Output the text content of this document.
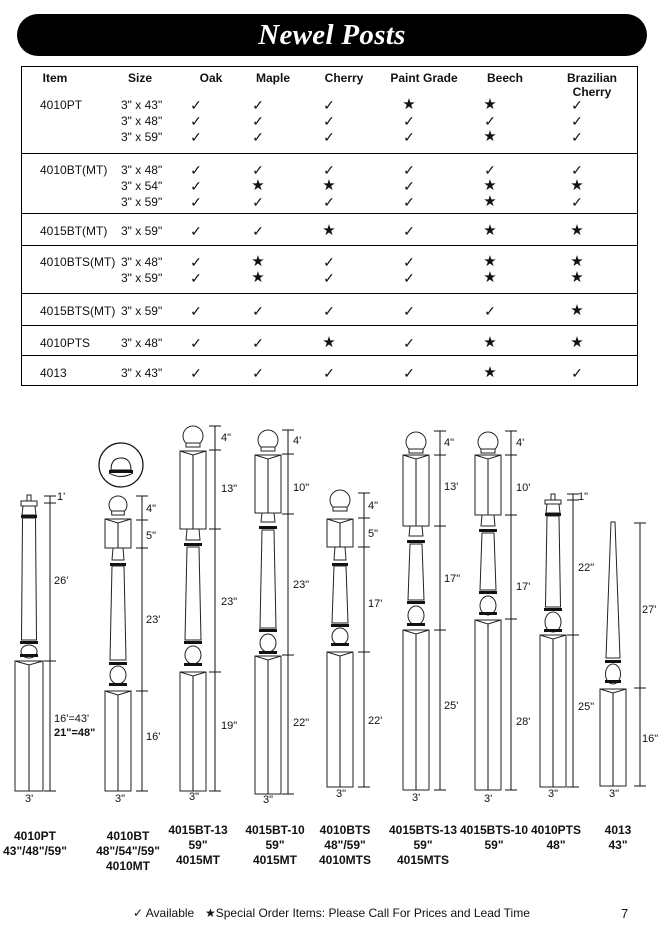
Newel Posts
Item	Size	Oak	Maple	Cherry	Paint Grade	Beech	Brazilian Cherry
4010PT	3" x 43"	✓	✓	✓	★	★	✓
3" x 48"	✓	✓	✓	✓	✓	✓
3" x 59"	✓	✓	✓	✓	★	✓
4010BT(MT) 3" x 48"	✓	✓	✓	✓	✓	✓
3" x 54"	✓	★	★	✓	★	★
3" x 59"	✓	✓	✓	✓	★	✓
4015BT(MT) 3" x 59"	✓	✓	★	✓	★	★
4010BTS(MT) 3" x 48"	✓	★	✓	✓	★	★
3" x 59"	✓	★	✓	✓	★	★
4015BTS(MT) 3" x 59"	✓	✓	✓	✓	✓	★
4010PTS	3" x 48"	✓	✓	★	✓	★	★
4013	3" x 43"	✓	✓	✓	✓	★	✓
1'
26'
16'=43'
21"=48"
3'
4"
5"
23'
16'
3"
4"
13"
23"
19"
3"
4'
10"
23"
22"
3"
4"
5"
17'
22'
3"
4"
13'
17"
25'
3'
4'
10'
17'
28'
3'
1"
22"
25"
3"
27'
16"
3"
4010PT
43"/48"/59"
4010BT
48"/54"/59"
4010MT
4015BT-13
59"
4015MT
4015BT-10
59"
4015MT
4010BTS
48"/59"
4010MTS
4015BTS-13
59"
4015MTS
4015BTS-10
59"
4010PTS
48"
4013
43"
✓ Available ★Special Order Items: Please Call For Prices and Lead Time	7
